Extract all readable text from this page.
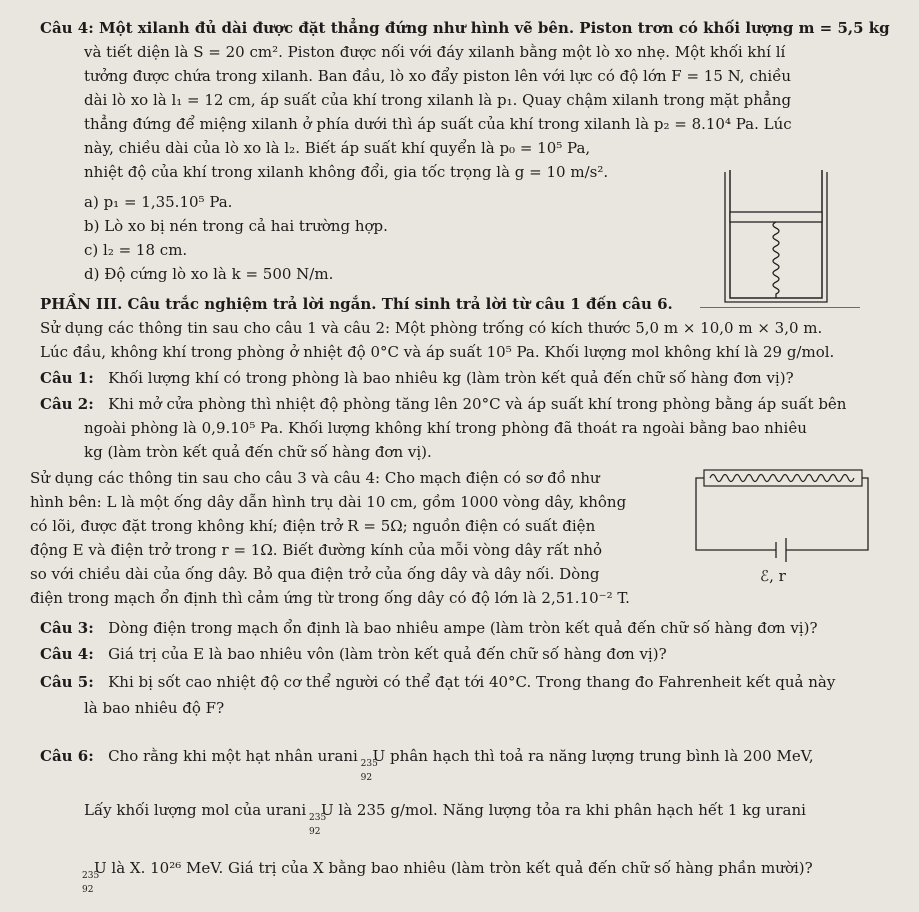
Câu 4: Một xilanh đủ dài được đặt thẳng đứng như hình vẽ bên. Piston trơn có khối lượng m = 5,5 kg
và tiết diện là S = 20 cm². Piston được nối với đáy xilanh bằng một lò xo nhẹ. Một khối khí lí
tưởng được chứa trong xilanh. Ban đầu, lò xo đẩy piston lên với lực có độ lớn F = 15 N, chiều
dài lò xo là l₁ = 12 cm, áp suất của khí trong xilanh là p₁. Quay chậm xilanh trong mặt phẳng
thẳng đứng để miệng xilanh ở phía dưới thì áp suất của khí trong xilanh là p₂ = 8.10⁴ Pa. Lúc
này, chiều dài của lò xo là l₂. Biết áp suất khí quyển là p₀ = 10⁵ Pa,
nhiệt độ của khí trong xilanh không đổi, gia tốc trọng là g = 10 m/s².
a) p₁ = 1,35.10⁵ Pa.
b) Lò xo bị nén trong cả hai trường hợp.
c) l₂ = 18 cm.
d) Độ cứng lò xo là k = 500 N/m.
PHẦN III. Câu trắc nghiệm trả lời ngắn. Thí sinh trả lời từ câu 1 đến câu 6.
Sử dụng các thông tin sau cho câu 1 và câu 2: Một phòng trống có kích thước 5,0 m × 10,0 m × 3,0 m.
Lúc đầu, không khí trong phòng ở nhiệt độ 0°C và áp suất 10⁵ Pa. Khối lượng mol không khí là 29 g/mol.
Câu 1: Khối lượng khí có trong phòng là bao nhiêu kg (làm tròn kết quả đến chữ số hàng đơn vị)?
Câu 2: Khi mở cửa phòng thì nhiệt độ phòng tăng lên 20°C và áp suất khí trong phòng bằng áp suất bên
ngoài phòng là 0,9.10⁵ Pa. Khối lượng không khí trong phòng đã thoát ra ngoài bằng bao nhiêu
kg (làm tròn kết quả đến chữ số hàng đơn vị).
Sử dụng các thông tin sau cho câu 3 và câu 4: Cho mạch điện có sơ đồ như
hình bên: L là một ống dây dẫn hình trụ dài 10 cm, gồm 1000 vòng dây, không
có lõi, được đặt trong không khí; điện trở R = 5Ω; nguồn điện có suất điện
động E và điện trở trong r = 1Ω. Biết đường kính của mỗi vòng dây rất nhỏ
so với chiều dài của ống dây. Bỏ qua điện trở của ống dây và dây nối. Dòng
điện trong mạch ổn định thì cảm ứng từ trong ống dây có độ lớn là 2,51.10⁻² T.
ℰ, r
Câu 3: Dòng điện trong mạch ổn định là bao nhiêu ampe (làm tròn kết quả đến chữ số hàng đơn vị)?
Câu 4: Giá trị của E là bao nhiêu vôn (làm tròn kết quả đến chữ số hàng đơn vị)?
Câu 5: Khi bị sốt cao nhiệt độ cơ thể người có thể đạt tới 40°C. Trong thang đo Fahrenheit kết quả này
là bao nhiêu độ F?
Câu 6: Cho rằng khi một hạt nhân urani 235
92
U phân hạch thì toả ra năng lượng trung bình là 200 MeV,
Lấy khối lượng mol của urani 235
92
U là 235 g/mol. Năng lượng tỏa ra khi phân hạch hết 1 kg urani
235
92
U là X. 10²⁶ MeV. Giá trị của X bằng bao nhiêu (làm tròn kết quả đến chữ số hàng phần mười)?
